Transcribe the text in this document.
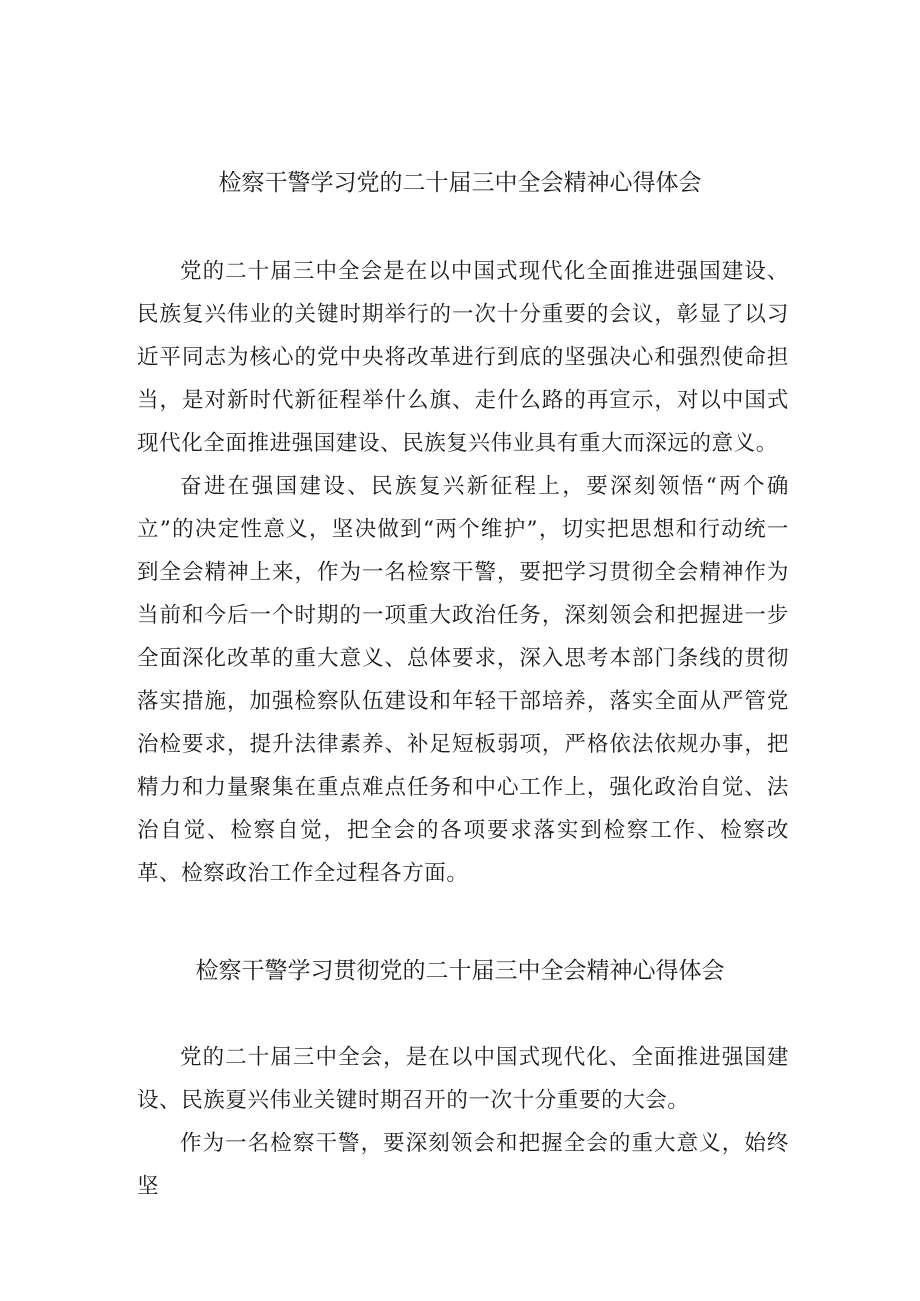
检察干警学习党的二十届三中全会精神心得体会

党的二十届三中全会是在以中国式现代化全面推进强国建设、民族复兴伟业的关键时期举行的一次十分重要的会议，彰显了以习近平同志为核心的党中央将改革进行到底的坚强决心和强烈使命担当，是对新时代新征程举什么旗、走什么路的再宣示，对以中国式现代化全面推进强国建设、民族复兴伟业具有重大而深远的意义。

奋进在强国建设、民族复兴新征程上，要深刻领悟“两个确立”的决定性意义，坚决做到“两个维护”，切实把思想和行动统一到全会精神上来，作为一名检察干警，要把学习贯彻全会精神作为当前和今后一个时期的一项重大政治任务，深刻领会和把握进一步全面深化改革的重大意义、总体要求，深入思考本部门条线的贯彻落实措施，加强检察队伍建设和年轻干部培养，落实全面从严管党治检要求，提升法律素养、补足短板弱项，严格依法依规办事，把精力和力量聚集在重点难点任务和中心工作上，强化政治自觉、法治自觉、检察自觉，把全会的各项要求落实到检察工作、检察改革、检察政治工作全过程各方面。

检察干警学习贯彻党的二十届三中全会精神心得体会

党的二十届三中全会，是在以中国式现代化、全面推进强国建设、民族夏兴伟业关键时期召开的一次十分重要的大会。

作为一名检察干警，要深刻领会和把握全会的重大意义，始终坚
